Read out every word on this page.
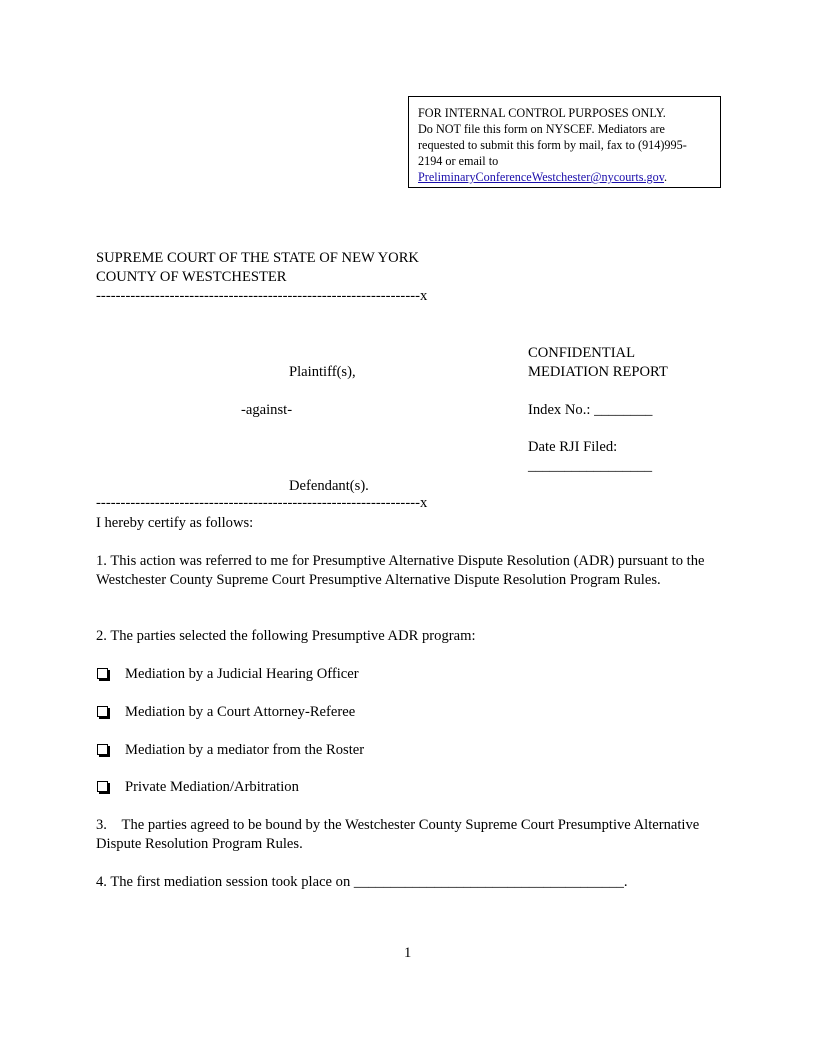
FOR INTERNAL CONTROL PURPOSES ONLY.
Do NOT file this form on NYSCEF. Mediators are
requested to submit this form by mail, fax to (914)995-
2194 or email to
PreliminaryConferenceWestchester@nycourts.gov.
SUPREME COURT OF THE STATE OF NEW YORK
COUNTY OF WESTCHESTER
------------------------------------------------------------------x
CONFIDENTIAL
Plaintiff(s),	MEDIATION REPORT
-against-	Index No.: ________
Date RJI Filed:
_________________
Defendant(s).
------------------------------------------------------------------x
I hereby certify as follows:
1. This action was referred to me for Presumptive Alternative Dispute Resolution (ADR) pursuant to the Westchester County Supreme Court Presumptive Alternative Dispute Resolution Program Rules.
2. The parties selected the following Presumptive ADR program:
Mediation by a Judicial Hearing Officer
Mediation by a Court Attorney-Referee
Mediation by a mediator from the Roster
Private Mediation/Arbitration
3. The parties agreed to be bound by the Westchester County Supreme Court Presumptive Alternative Dispute Resolution Program Rules.
4. The first mediation session took place on _____________________________________.
1
